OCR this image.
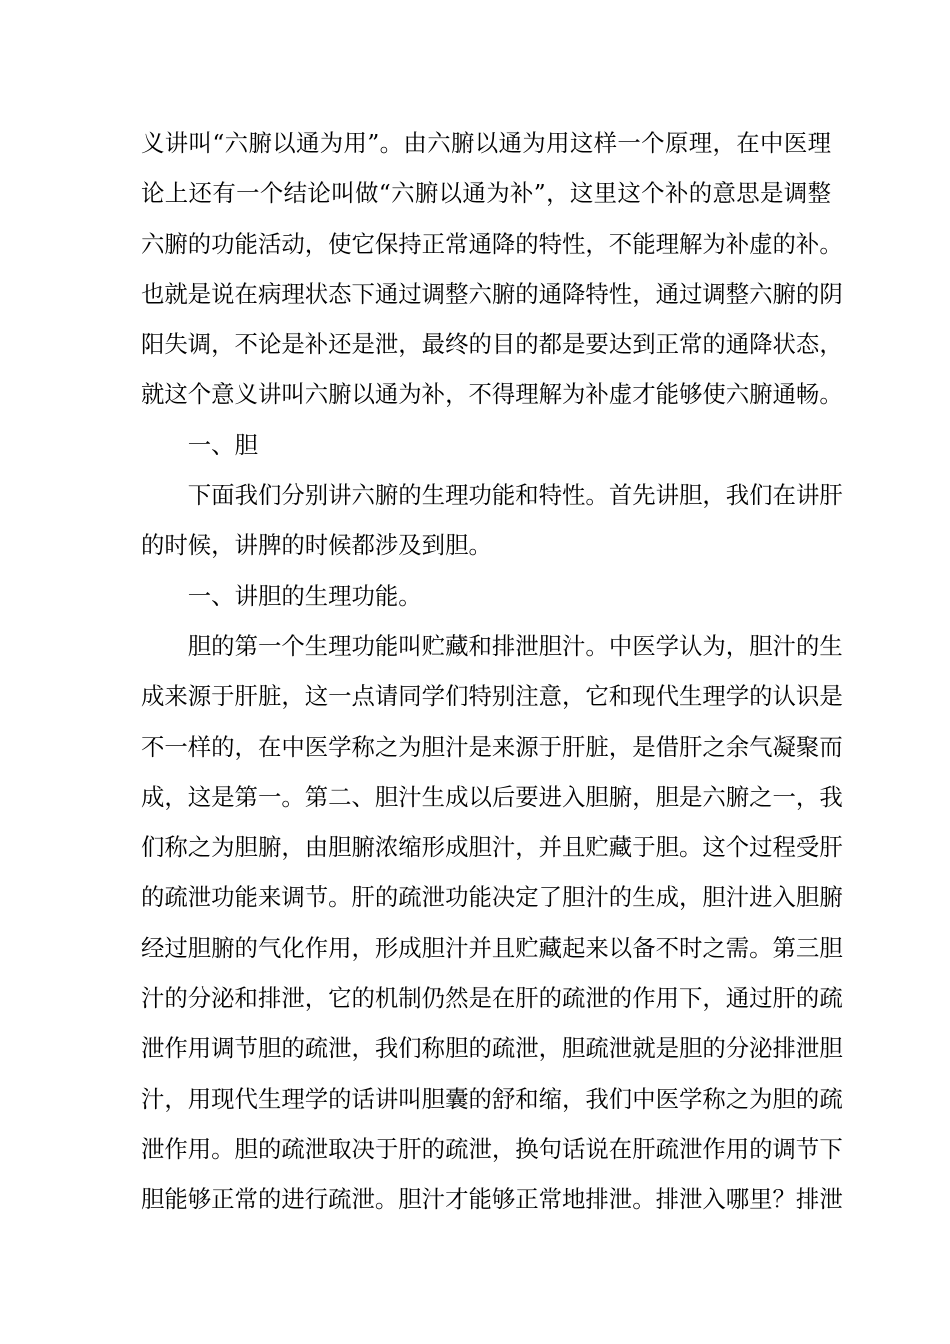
义讲叫“六腑以通为用”。由六腑以通为用这样一个原理，在中医理
论上还有一个结论叫做“六腑以通为补”，这里这个补的意思是调整
六腑的功能活动，使它保持正常通降的特性，不能理解为补虚的补。
也就是说在病理状态下通过调整六腑的通降特性，通过调整六腑的阴
阳失调，不论是补还是泄，最终的目的都是要达到正常的通降状态，
就这个意义讲叫六腑以通为补，不得理解为补虚才能够使六腑通畅。
一、胆
下面我们分别讲六腑的生理功能和特性。首先讲胆，我们在讲肝
的时候，讲脾的时候都涉及到胆。
一、讲胆的生理功能。
胆的第一个生理功能叫贮藏和排泄胆汁。中医学认为，胆汁的生
成来源于肝脏，这一点请同学们特别注意，它和现代生理学的认识是
不一样的，在中医学称之为胆汁是来源于肝脏，是借肝之余气凝聚而
成，这是第一。第二、胆汁生成以后要进入胆腑，胆是六腑之一，我
们称之为胆腑，由胆腑浓缩形成胆汁，并且贮藏于胆。这个过程受肝
的疏泄功能来调节。肝的疏泄功能决定了胆汁的生成，胆汁进入胆腑
经过胆腑的气化作用，形成胆汁并且贮藏起来以备不时之需。第三胆
汁的分泌和排泄，它的机制仍然是在肝的疏泄的作用下，通过肝的疏
泄作用调节胆的疏泄，我们称胆的疏泄，胆疏泄就是胆的分泌排泄胆
汁，用现代生理学的话讲叫胆囊的舒和缩，我们中医学称之为胆的疏
泄作用。胆的疏泄取决于肝的疏泄，换句话说在肝疏泄作用的调节下
胆能够正常的进行疏泄。胆汁才能够正常地排泄。排泄入哪里？排泄
